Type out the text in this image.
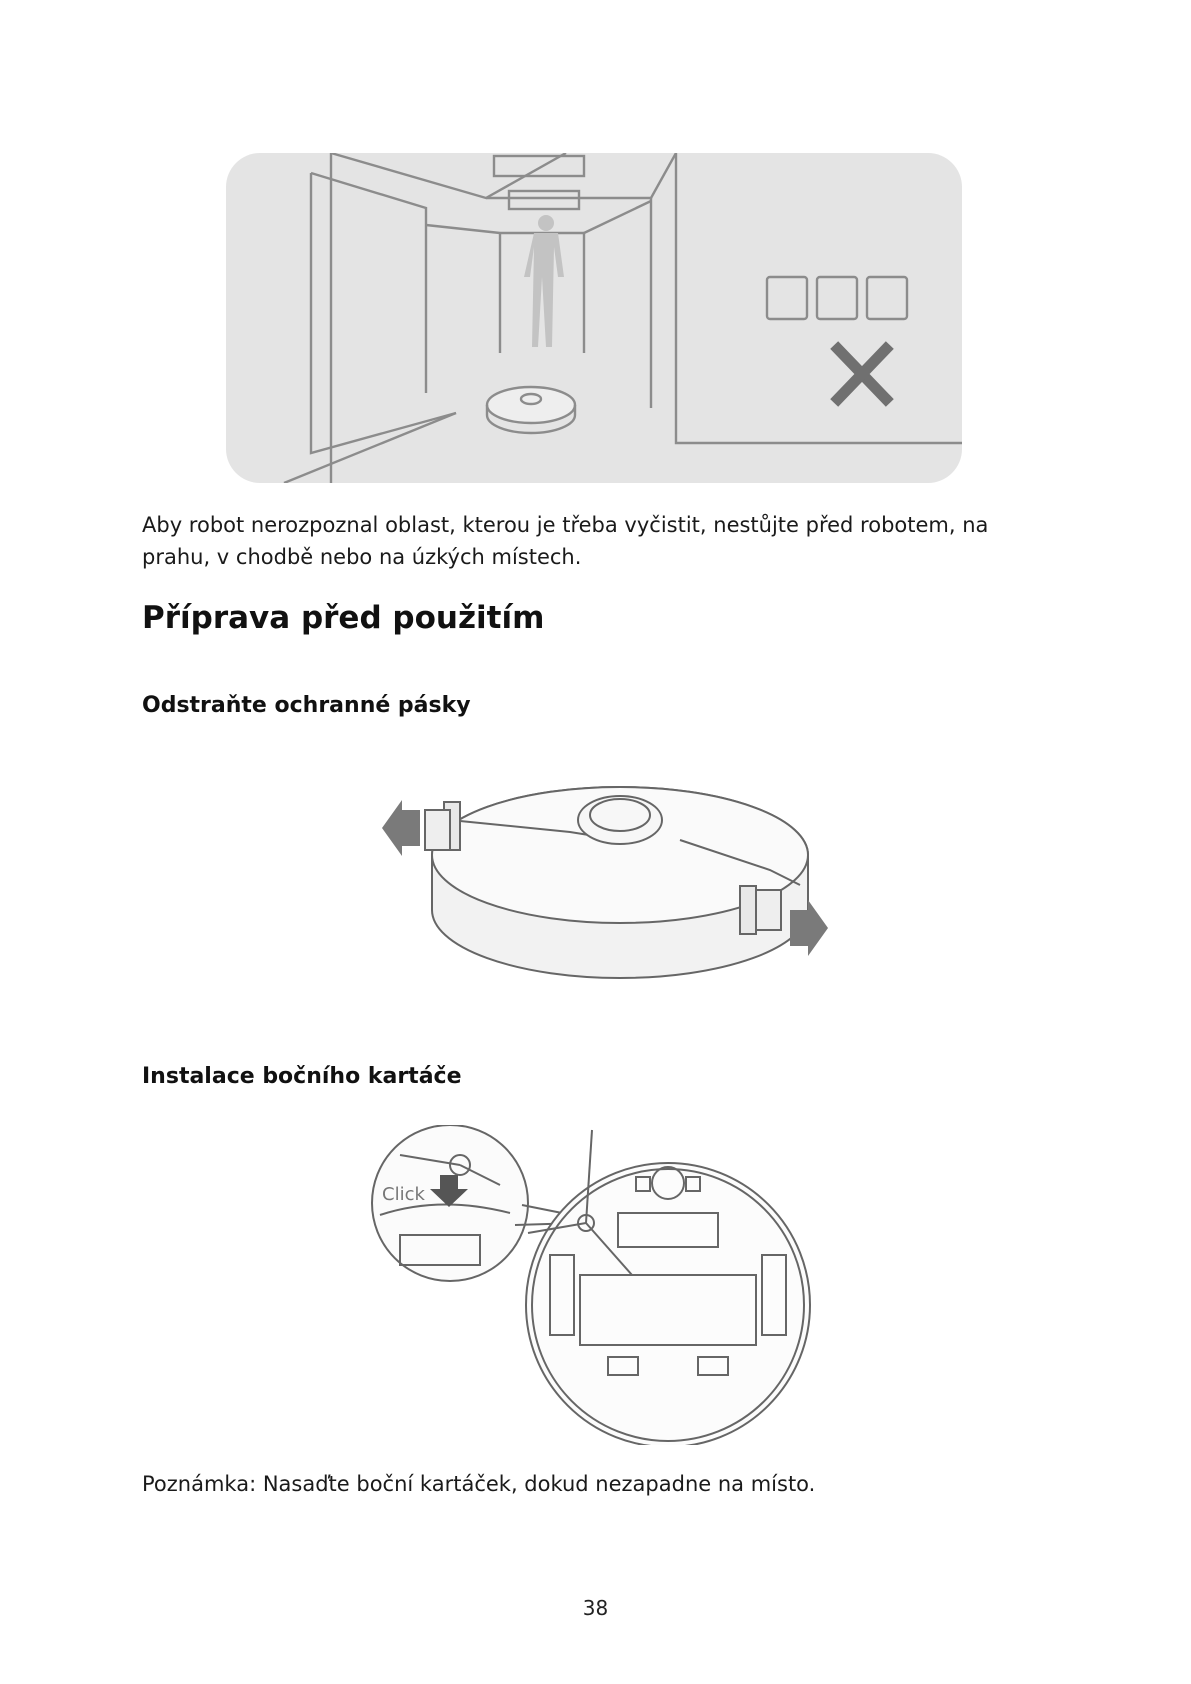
Aby robot nerozpoznal oblast, kterou je třeba vyčistit, nestůjte před robotem, na prahu, v chodbě nebo na úzkých místech.
Příprava před použitím
Odstraňte ochranné pásky
Instalace bočního kartáče
Click
Poznámka: Nasaďte boční kartáček, dokud nezapadne na místo.
38
